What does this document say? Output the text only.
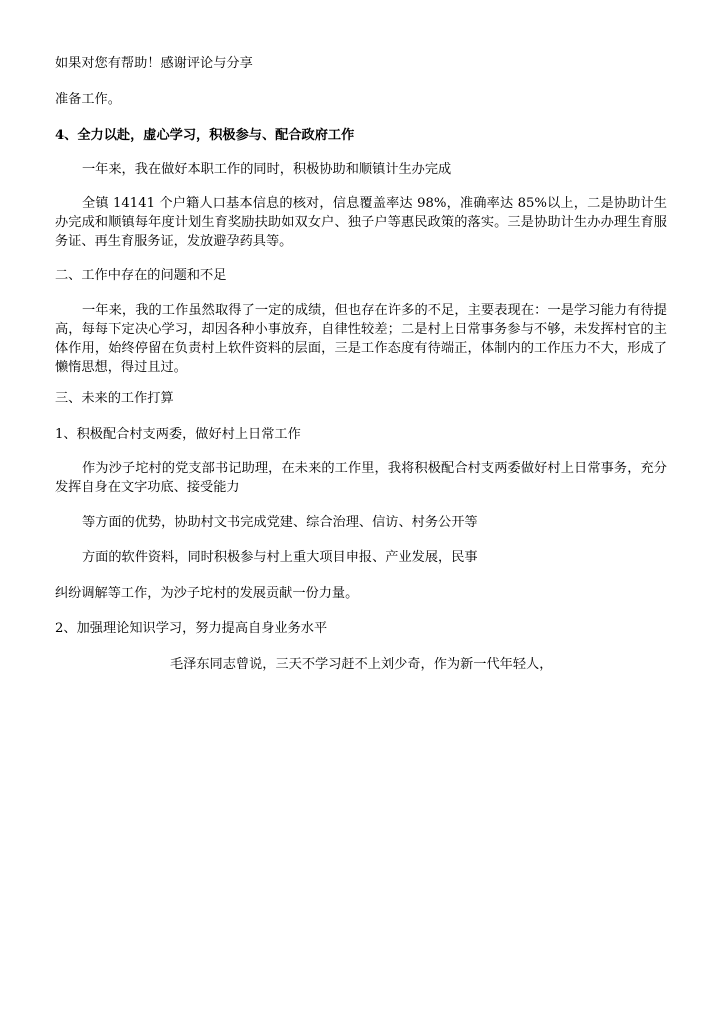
如果对您有帮助！感谢评论与分享
准备工作。
4、全力以赴，虚心学习，积极参与、配合政府工作
一年来，我在做好本职工作的同时，积极协助和顺镇计生办完成
全镇 14141 个户籍人口基本信息的核对，信息覆盖率达 98%，准确率达 85%以上，二是协助计生办完成和顺镇每年度计划生育奖励扶助如双女户、独子户等惠民政策的落实。三是协助计生办办理生育服务证、再生育服务证，发放避孕药具等。
二、工作中存在的问题和不足
一年来，我的工作虽然取得了一定的成绩，但也存在许多的不足，主要表现在：一是学习能力有待提高，每每下定决心学习，却因各种小事放弃，自律性较差；二是村上日常事务参与不够，未发挥村官的主体作用，始终停留在负责村上软件资料的层面，三是工作态度有待端正，体制内的工作压力不大，形成了懒惰思想，得过且过。
三、未来的工作打算
1、积极配合村支两委，做好村上日常工作
作为沙子坨村的党支部书记助理，在未来的工作里，我将积极配合村支两委做好村上日常事务，充分发挥自身在文字功底、接受能力
等方面的优势，协助村文书完成党建、综合治理、信访、村务公开等
方面的软件资料，同时积极参与村上重大项目申报、产业发展，民事
纠纷调解等工作，为沙子坨村的发展贡献一份力量。
2、加强理论知识学习，努力提高自身业务水平
毛泽东同志曾说，三天不学习赶不上刘少奇，作为新一代年轻人，
